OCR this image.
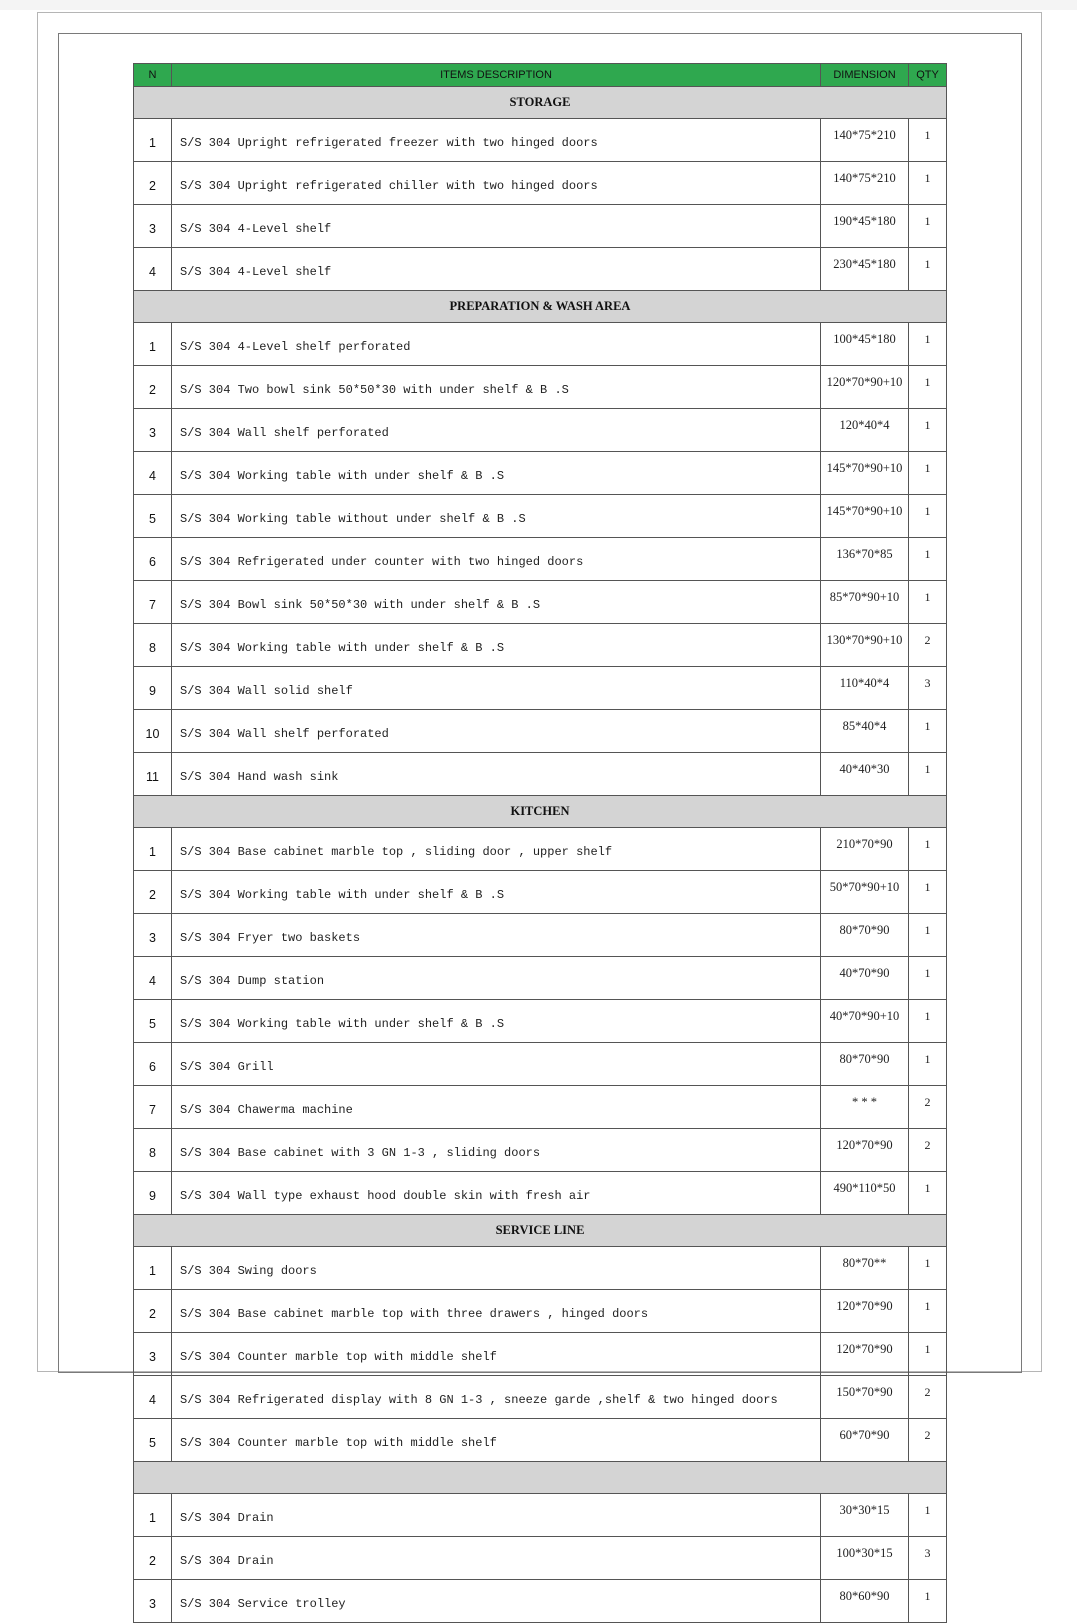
N	ITEMS DESCRIPTION	DIMENSION	QTY
STORAGE			
1	S/S 304 Upright refrigerated freezer with two hinged doors	140*75*210	1
2	S/S 304 Upright refrigerated chiller with two hinged doors	140*75*210	1
3	S/S 304 4-Level shelf	190*45*180	1
4	S/S 304 4-Level shelf	230*45*180	1
PREPARATION & WASH AREA			
1	S/S 304 4-Level shelf perforated	100*45*180	1
2	S/S 304 Two bowl sink 50*50*30 with under shelf & B .S	120*70*90+10	1
3	S/S 304 Wall shelf perforated	120*40*4	1
4	S/S 304 Working table with under shelf & B .S	145*70*90+10	1
5	S/S 304 Working table without under shelf & B .S	145*70*90+10	1
6	S/S 304 Refrigerated under counter with two hinged doors	136*70*85	1
7	S/S 304 Bowl sink 50*50*30 with under shelf & B .S	85*70*90+10	1
8	S/S 304 Working table with under shelf & B .S	130*70*90+10	2
9	S/S 304 Wall solid shelf	110*40*4	3
10	S/S 304 Wall shelf perforated	85*40*4	1
11	S/S 304 Hand wash sink	40*40*30	1
KITCHEN			
1	S/S 304 Base cabinet marble top , sliding door , upper shelf	210*70*90	1
2	S/S 304 Working table with under shelf & B .S	50*70*90+10	1
3	S/S 304 Fryer two baskets	80*70*90	1
4	S/S 304 Dump station	40*70*90	1
5	S/S 304 Working table with under shelf & B .S	40*70*90+10	1
6	S/S 304 Grill	80*70*90	1
7	S/S 304 Chawerma machine	* * *	2
8	S/S 304 Base cabinet with 3 GN 1-3 , sliding doors	120*70*90	2
9	S/S 304 Wall type exhaust hood double skin with fresh air	490*110*50	1
SERVICE LINE			
1	S/S 304 Swing doors	80*70**	1
2	S/S 304 Base cabinet marble top with three drawers , hinged doors	120*70*90	1
3	S/S 304 Counter marble top with middle shelf	120*70*90	1
4	S/S 304 Refrigerated display with 8 GN 1-3 , sneeze garde ,shelf & two hinged doors	150*70*90	2
5	S/S 304 Counter marble top with middle shelf	60*70*90	2

1	S/S 304 Drain	30*30*15	1
2	S/S 304 Drain	100*30*15	3
3	S/S 304 Service trolley	80*60*90	1
